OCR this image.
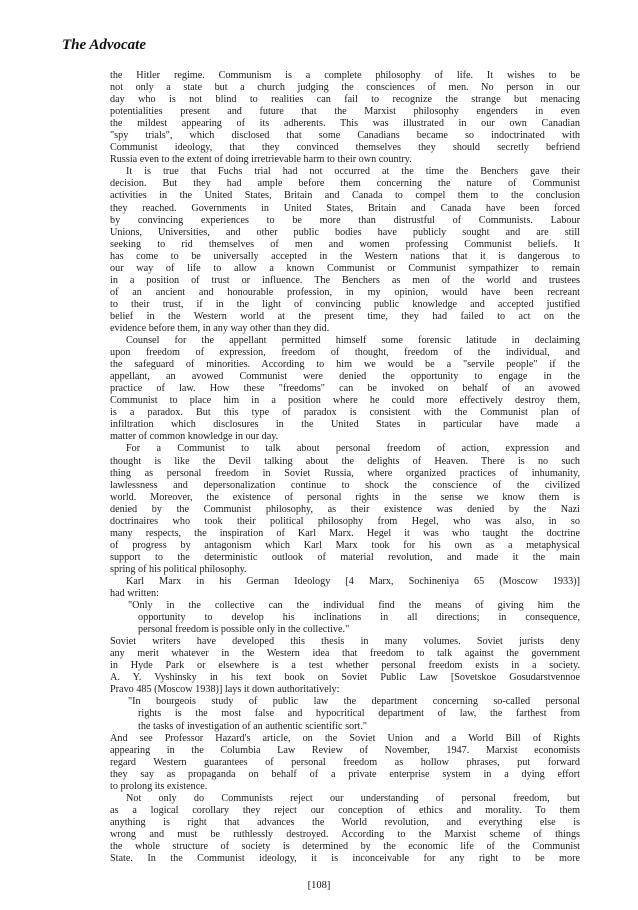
The Advocate
the Hitler regime. Communism is a complete philosophy of life. It wishes to be
not only a state but a church judging the consciences of men. No person in our
day who is not blind to realities can fail to recognize the strange but menacing
potentialities present and future that the Marxist philosophy engenders in even
the mildest appearing of its adherents. This was illustrated in our own Canadian
"spy trials", which disclosed that some Canadians became so indoctrinated with
Communist ideology, that they convinced themselves they should secretly befriend
Russia even to the extent of doing irretrievable harm to their own country.
It is true that Fuchs trial had not occurred at the time the Benchers gave their
decision. But they had ample before them concerning the nature of Communist
activities in the United States, Britain and Canada to compel them to the conclusion
they reached. Governments in United States, Britain and Canada have been forced
by convincing experiences to be more than distrustful of Communists. Labour
Unions, Universities, and other public bodies have publicly sought and are still
seeking to rid themselves of men and women professing Communist beliefs. It
has come to be universally accepted in the Western nations that it is dangerous to
our way of life to allow a known Communist or Communist sympathizer to remain
in a position of trust or influence. The Benchers as men of the world and trustees
of an ancient and honourable profession, in my opinion, would have been recreant
to their trust, if in the light of convincing public knowledge and accepted justified
belief in the Western world at the present time, they had failed to act on the
evidence before them, in any way other than they did.
Counsel for the appellant permitted himself some forensic latitude in declaiming
upon freedom of expression, freedom of thought, freedom of the individual, and
the safeguard of minorities. According to him we would be a "servile people" if the
appellant, an avowed Communist were denied the opportunity to engage in the
practice of law. How these "freedoms" can be invoked on behalf of an avowed
Communist to place him in a position where he could more effectively destroy them,
is a paradox. But this type of paradox is consistent with the Communist plan of
infiltration which disclosures in the United States in particular have made a
matter of common knowledge in our day.
For a Communist to talk about personal freedom of action, expression and
thought is like the Devil talking about the delights of Heaven. There is no such
thing as personal freedom in Soviet Russia, where organized practices of inhumanity,
lawlessness and depersonalization continue to shock the conscience of the civilized
world. Moreover, the existence of personal rights in the sense we know them is
denied by the Communist philosophy, as their existence was denied by the Nazi
doctrinaires who took their political philosophy from Hegel, who was also, in so
many respects, the inspiration of Karl Marx. Hegel it was who taught the doctrine
of progress by antagonism which Karl Marx took for his own as a metaphysical
support to the deterministic outlook of material revolution, and made it the main
spring of his political philosophy.
Karl Marx in his German Ideology [4 Marx, Sochineniya 65 (Moscow 1933)]
had written:
"Only in the collective can the individual find the means of giving him the
opportunity to develop his inclinations in all directions; in consequence,
personal freedom is possible only in the collective."
Soviet writers have developed this thesis in many volumes. Soviet jurists deny
any merit whatever in the Western idea that freedom to talk against the government
in Hyde Park or elsewhere is a test whether personal freedom exists in a society.
A. Y. Vyshinsky in his text book on Soviet Public Law [Sovetskoe Gosudarstvennoe
Pravo 485 (Moscow 1938)] lays it down authoritatively:
"In bourgeois study of public law the department concerning so-called personal
rights is the most false and hypocritical department of law, the farthest from
the tasks of investigation of an authentic scientific sort."
And see Professor Hazard's article, on the Soviet Union and a World Bill of Rights
appearing in the Columbia Law Review of November, 1947. Marxist economists
regard Western guarantees of personal freedom as hollow phrases, put forward
they say as propaganda on behalf of a private enterprise system in a dying effort
to prolong its existence.
Not only do Communists reject our understanding of personal freedom, but
as a logical corollary they reject our conception of ethics and morality. To them
anything is right that advances the World revolution, and everything else is
wrong and must be ruthlessly destroyed. According to the Marxist scheme of things
the whole structure of society is determined by the economic life of the Communist
State. In the Communist ideology, it is inconceivable for any right to be more
[108]
